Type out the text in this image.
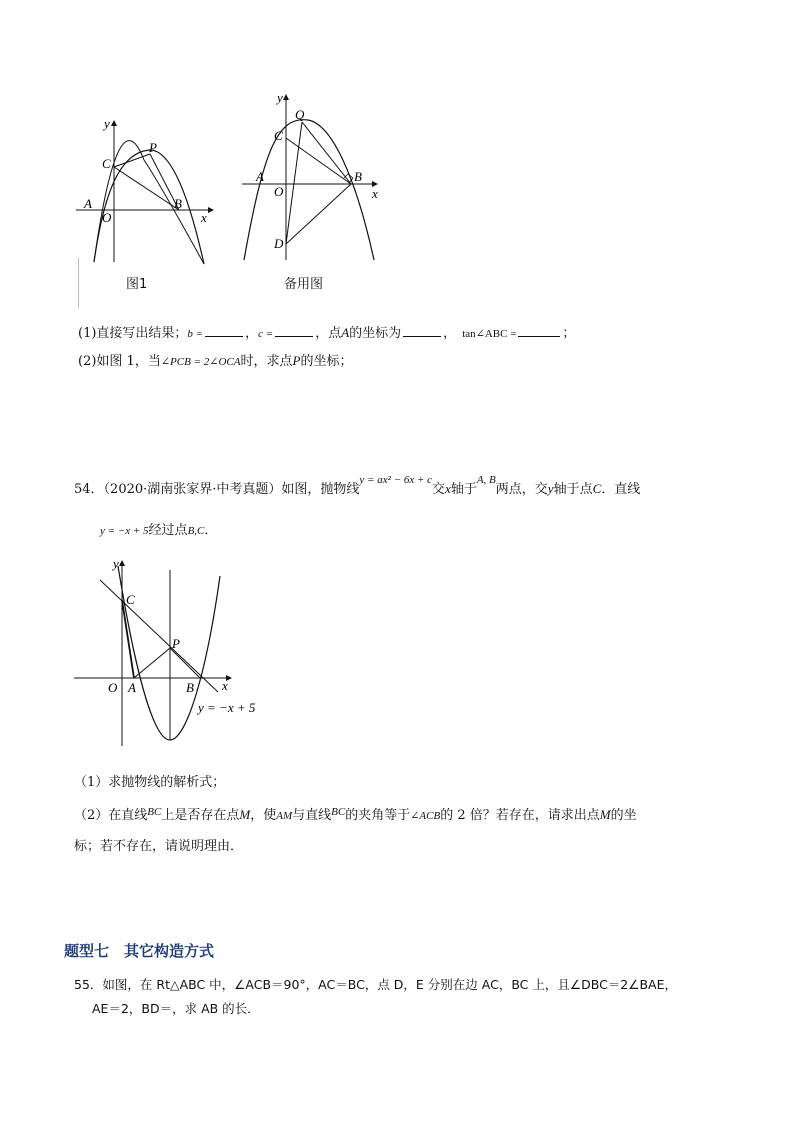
y
x
C
P
A
O
B
图1
y
Q
C
A
O
B
x
D
备用图
(1)直接写出结果；b =	，c =	，点A的坐标为	， tan∠ABC =	；
(2)如图 1，当∠PCB = 2∠OCA时，求点P的坐标；
54．（2020·湖南张家界·中考真题）如图，抛物线$^{y = ax^2 - 6x + c}$交x轴于$^{A, B}$两点，交y轴于点C．直线
y = −x + 5经过点B,C．
y
C
P
O A	B x
y = −x + 5
（1）求抛物线的解析式；
（2）在直线$^{BC}$上是否存在点M，使AM与直线$^{BC}$的夹角等于∠ACB的 2 倍？若存在，请求出点M的坐
标；若不存在，请说明理由．
题型七　其它构造方式
55．如图，在 Rt△ABC 中，∠ACB＝90°，AC＝BC，点 D，E 分别在边 AC，BC 上，且∠DBC＝2∠BAE，
AE＝2，BD＝，求 AB 的长．
